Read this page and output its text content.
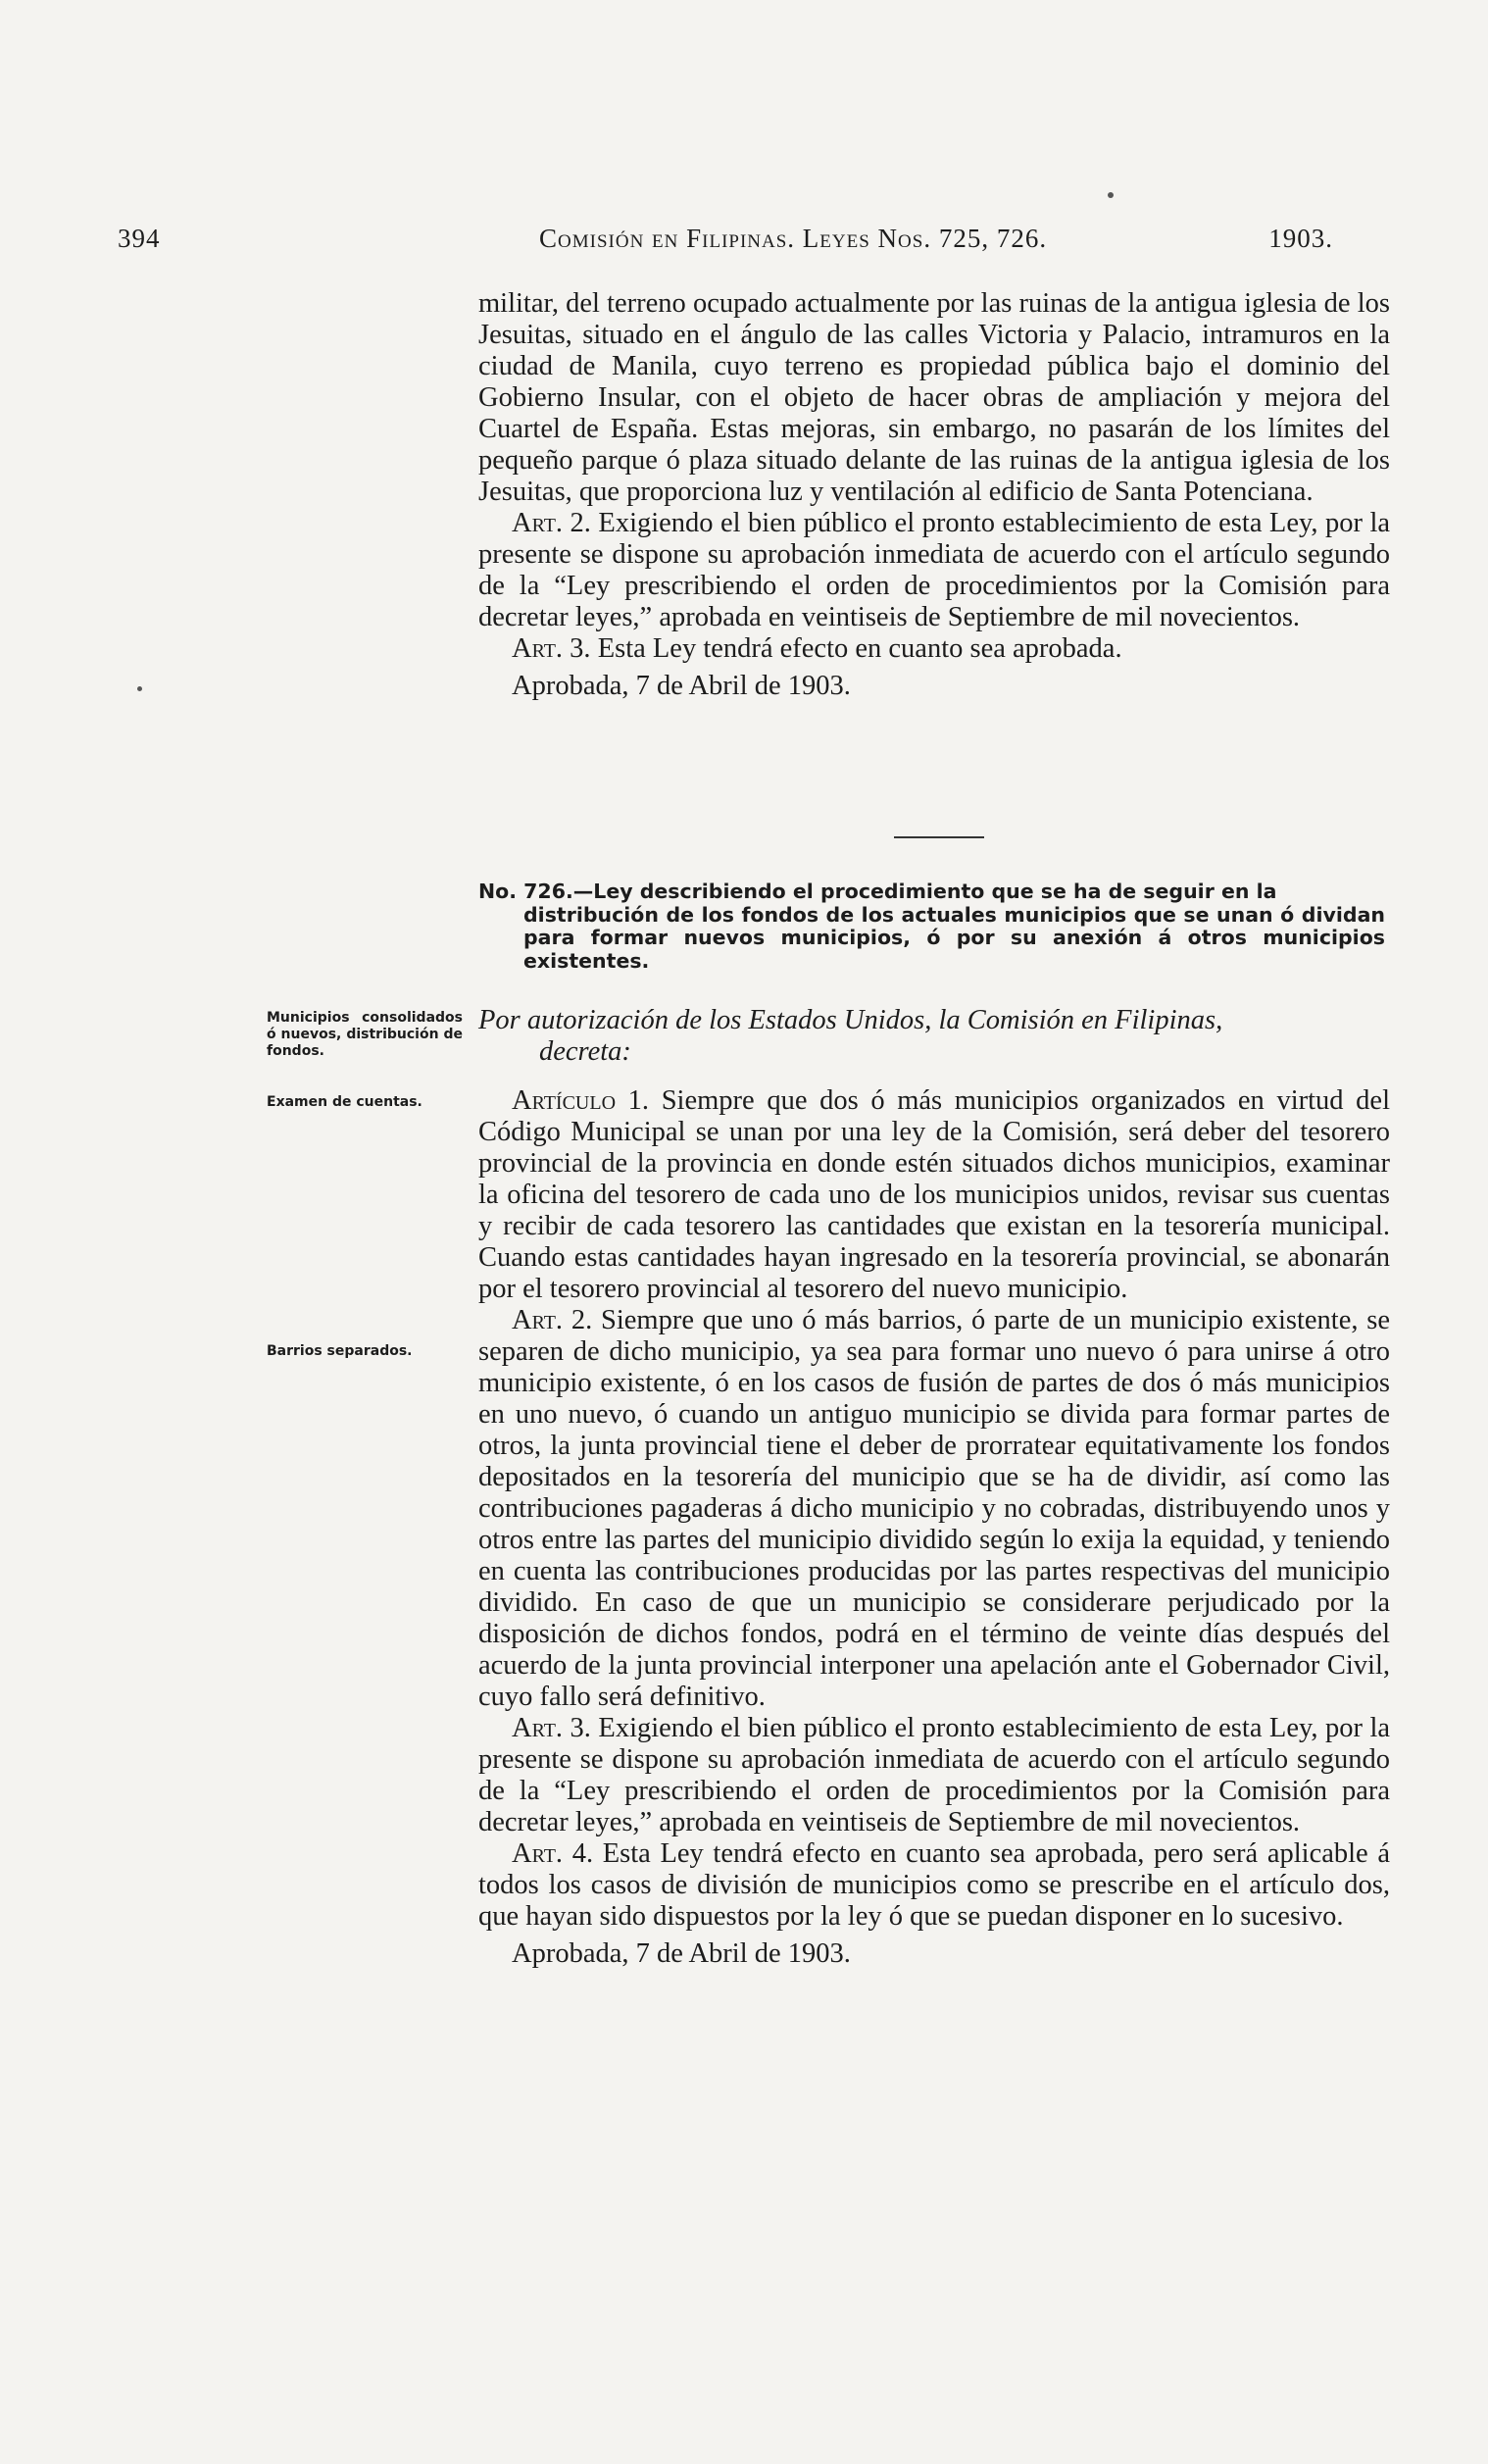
394	Comisión en Filipinas. Leyes Nos. 725, 726.	1903.

militar, del terreno ocupado actualmente por las ruinas de la antigua iglesia de los Jesuitas, situado en el ángulo de las calles Victoria y Palacio, intramuros en la ciudad de Manila, cuyo terreno es propiedad pública bajo el dominio del Gobierno Insular, con el objeto de hacer obras de ampliación y mejora del Cuartel de España. Estas mejoras, sin embargo, no pasarán de los límites del pequeño parque ó plaza situado delante de las ruinas de la antigua iglesia de los Jesuitas, que proporciona luz y ventilación al edificio de Santa Potenciana.

Art. 2. Exigiendo el bien público el pronto establecimiento de esta Ley, por la presente se dispone su aprobación inmediata de acuerdo con el artículo segundo de la “Ley prescribiendo el orden de procedimientos por la Comisión para decretar leyes,” aprobada en veintiseis de Septiembre de mil novecientos.

Art. 3. Esta Ley tendrá efecto en cuanto sea aprobada.

Aprobada, 7 de Abril de 1903.

No. 726.—Ley describiendo el procedimiento que se ha de seguir en la
distribución de los fondos de los actuales municipios que se unan ó dividan para formar nuevos municipios, ó por su anexión á otros municipios existentes.
Por autorización de los Estados Unidos, la Comisión en Filipinas,
decreta:

Artículo 1. Siempre que dos ó más municipios organizados en virtud del Código Municipal se unan por una ley de la Comisión, será deber del tesorero provincial de la provincia en donde estén situados dichos municipios, examinar la oficina del tesorero de cada uno de los municipios unidos, revisar sus cuentas y recibir de cada tesorero las cantidades que existan en la tesorería municipal. Cuando estas cantidades hayan ingresado en la tesorería provincial, se abonarán por el tesorero provincial al tesorero del nuevo municipio.

Art. 2. Siempre que uno ó más barrios, ó parte de un municipio existente, se separen de dicho municipio, ya sea para formar uno nuevo ó para unirse á otro municipio existente, ó en los casos de fusión de partes de dos ó más municipios en uno nuevo, ó cuando un antiguo municipio se divida para formar partes de otros, la junta provincial tiene el deber de prorratear equitativamente los fondos depositados en la tesorería del municipio que se ha de dividir, así como las contribuciones pagaderas á dicho municipio y no cobradas, distribuyendo unos y otros entre las partes del municipio dividido según lo exija la equidad, y teniendo en cuenta las contribuciones producidas por las partes respectivas del municipio dividido. En caso de que un municipio se considerare perjudicado por la disposición de dichos fondos, podrá en el término de veinte días después del acuerdo de la junta provincial interponer una apelación ante el Gobernador Civil, cuyo fallo será definitivo.

Art. 3. Exigiendo el bien público el pronto establecimiento de esta Ley, por la presente se dispone su aprobación inmediata de acuerdo con el artículo segundo de la “Ley prescribiendo el orden de procedimientos por la Comisión para decretar leyes,” aprobada en veintiseis de Septiembre de mil novecientos.

Art. 4. Esta Ley tendrá efecto en cuanto sea aprobada, pero será aplicable á todos los casos de división de municipios como se prescribe en el artículo dos, que hayan sido dispuestos por la ley ó que se puedan disponer en lo sucesivo.

Aprobada, 7 de Abril de 1903.

Municipios consolidados ó nuevos, distribución de fondos.
Examen de cuentas.
Barrios separados.
